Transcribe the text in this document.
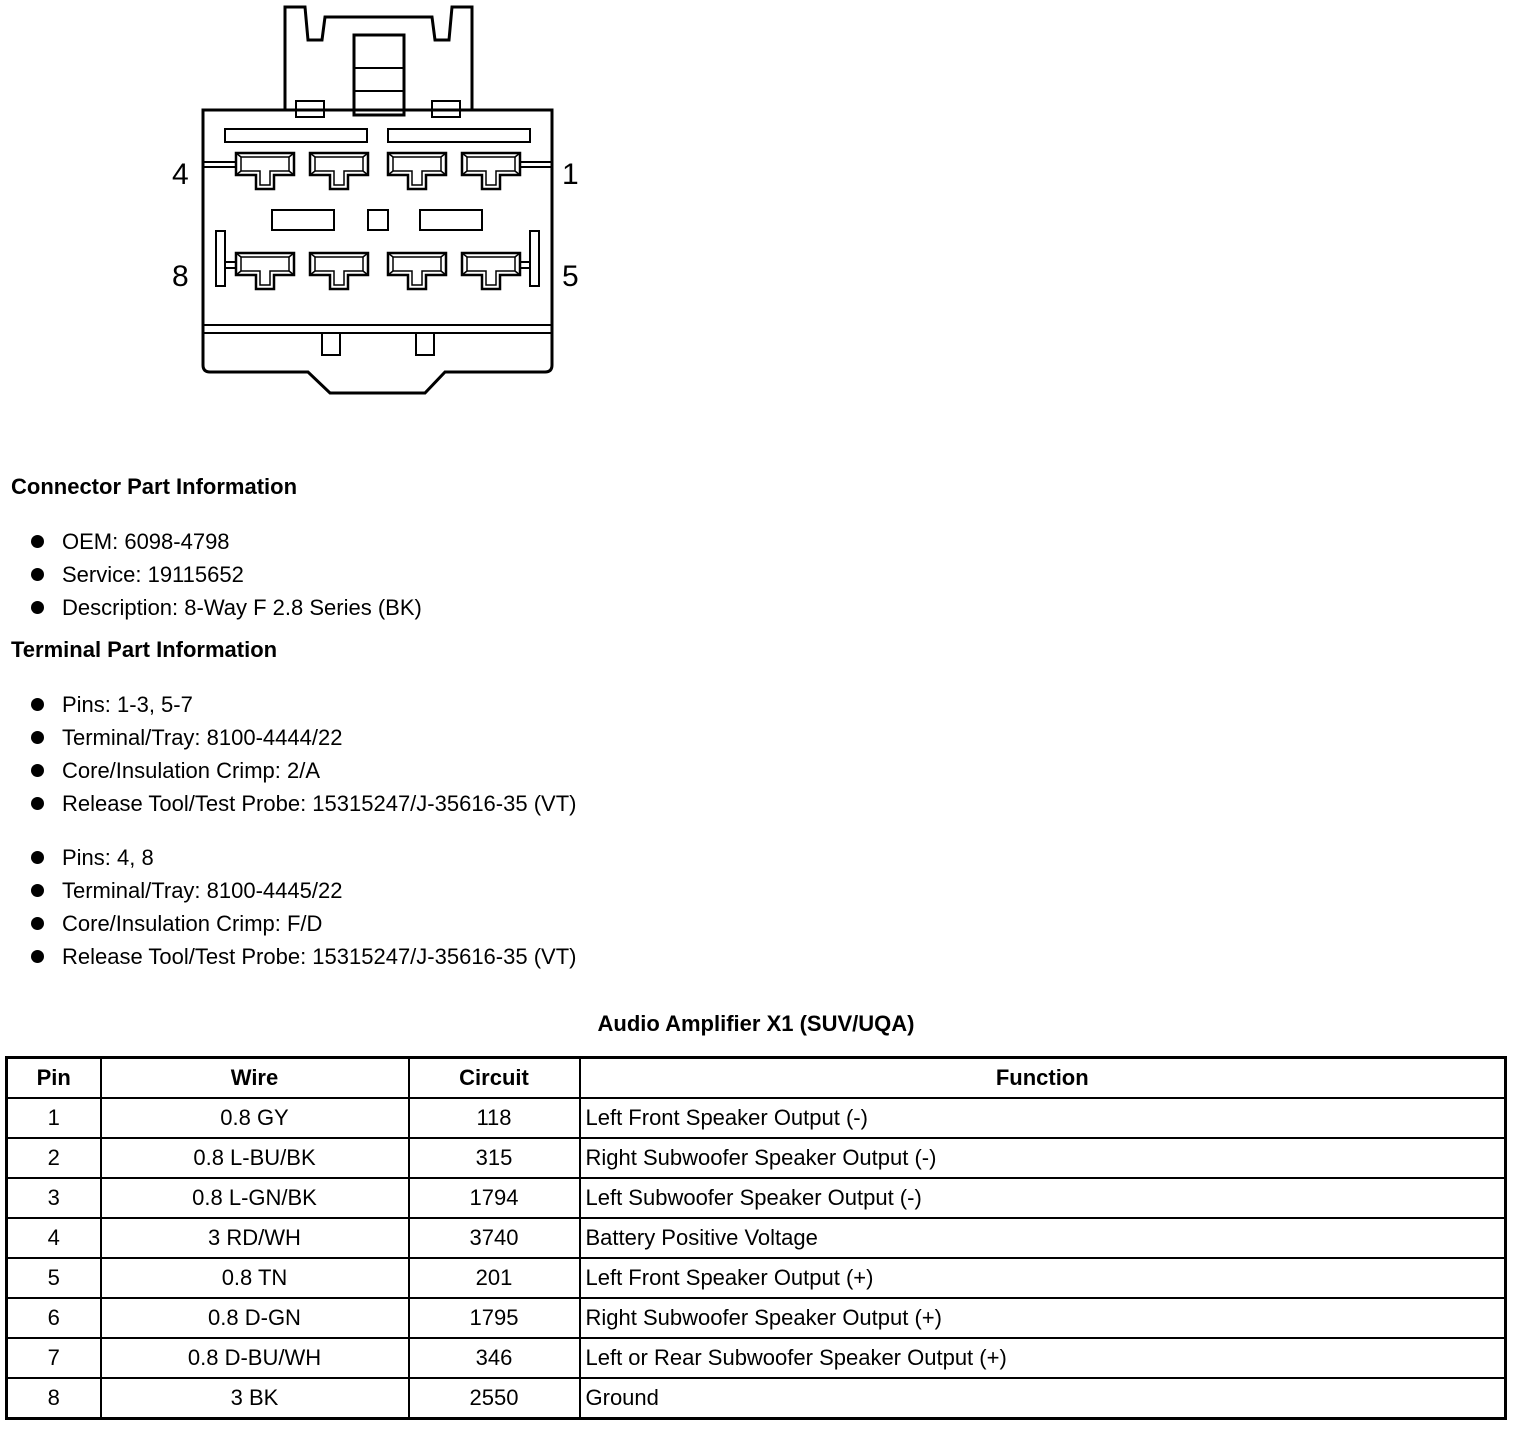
4	1
8	5
Connector Part Information
OEM: 6098-4798
Service: 19115652
Description: 8-Way F 2.8 Series (BK)
Terminal Part Information
Pins: 1-3, 5-7
Terminal/Tray: 8100-4444/22
Core/Insulation Crimp: 2/A
Release Tool/Test Probe: 15315247/J-35616-35 (VT)
Pins: 4, 8
Terminal/Tray: 8100-4445/22
Core/Insulation Crimp: F/D
Release Tool/Test Probe: 15315247/J-35616-35 (VT)
Audio Amplifier X1 (SUV/UQA)
Pin	Wire	Circuit	Function
1	0.8 GY	118	Left Front Speaker Output (-)
2	0.8 L-BU/BK	315	Right Subwoofer Speaker Output (-)
3	0.8 L-GN/BK	1794	Left Subwoofer Speaker Output (-)
4	3 RD/WH	3740	Battery Positive Voltage
5	0.8 TN	201	Left Front Speaker Output (+)
6	0.8 D-GN	1795	Right Subwoofer Speaker Output (+)
7	0.8 D-BU/WH	346	Left or Rear Subwoofer Speaker Output (+)
8	3 BK	2550	Ground
